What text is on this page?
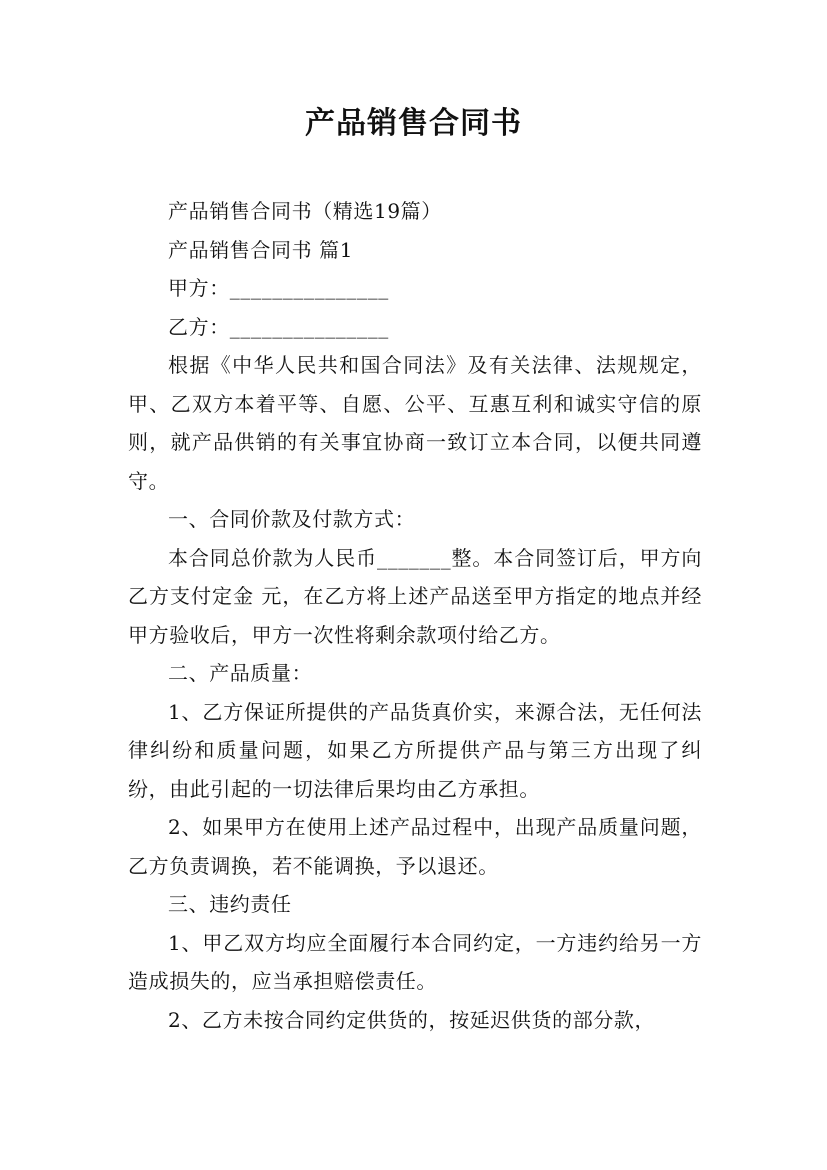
产品销售合同书

产品销售合同书（精选19篇）

产品销售合同书 篇1

甲方：_______________

乙方：_______________

根据《中华人民共和国合同法》及有关法律、法规规定，甲、乙双方本着平等、自愿、公平、互惠互利和诚实守信的原则，就产品供销的有关事宜协商一致订立本合同，以便共同遵守。

一、合同价款及付款方式：

本合同总价款为人民币_______整。本合同签订后，甲方向乙方支付定金 元，在乙方将上述产品送至甲方指定的地点并经甲方验收后，甲方一次性将剩余款项付给乙方。

二、产品质量：

1、乙方保证所提供的产品货真价实，来源合法，无任何法律纠纷和质量问题，如果乙方所提供产品与第三方出现了纠纷，由此引起的一切法律后果均由乙方承担。

2、如果甲方在使用上述产品过程中，出现产品质量问题，乙方负责调换，若不能调换，予以退还。

三、违约责任

1、甲乙双方均应全面履行本合同约定，一方违约给另一方造成损失的，应当承担赔偿责任。

2、乙方未按合同约定供货的，按延迟供货的部分款，
